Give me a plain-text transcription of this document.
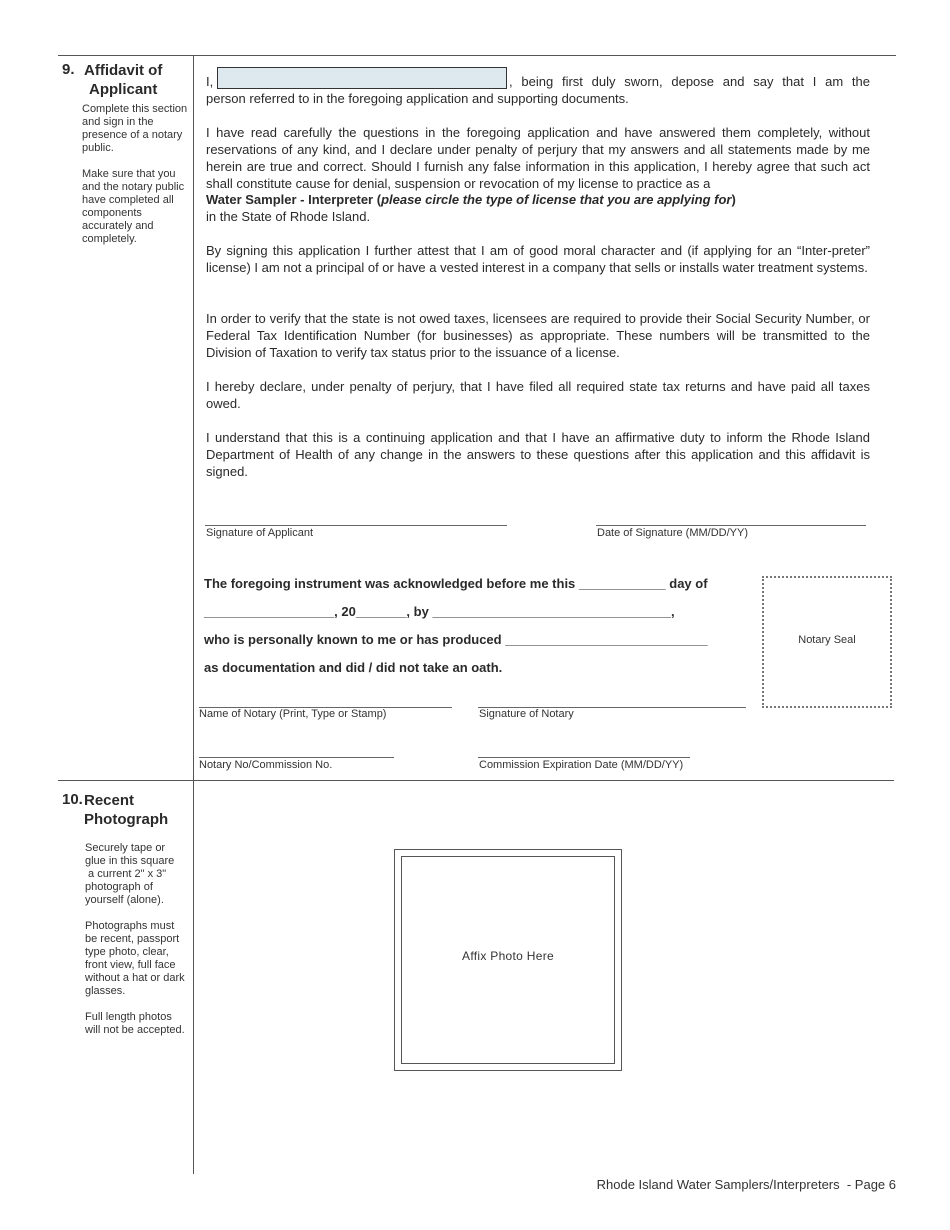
9. Affidavit of
Applicant
Complete this section
and sign in the
presence of a notary
public.
Make sure that you
and the notary public
have completed all
components
accurately and
completely.
I,	, being first duly sworn, depose and say that I am the
person referred to in the foregoing application and supporting documents.
I have read carefully the questions in the foregoing application and have answered them completely, without reservations of any kind, and I declare under penalty of perjury that my answers and all statements made by me herein are true and correct. Should I furnish any false information in this application, I hereby agree that such act shall constitute cause for denial, suspension or revocation of my license to practice as a
Water Sampler - Interpreter (please circle the type of license that you are applying for)
in the State of Rhode Island.
By signing this application I further attest that I am of good moral character and (if applying for an “Inter-preter” license) I am not a principal of or have a vested interest in a company that sells or installs water treatment systems.
In order to verify that the state is not owed taxes, licensees are required to provide their Social Security Number, or Federal Tax Identification Number (for businesses) as appropriate. These numbers will be transmitted to the Division of Taxation to verify tax status prior to the issuance of a license.
I hereby declare, under penalty of perjury, that I have filed all required state tax returns and have paid all taxes owed.
I understand that this is a continuing application and that I have an affirmative duty to inform the Rhode Island Department of Health of any change in the answers to these questions after this application and this affidavit is signed.
Signature of Applicant	Date of Signature (MM/DD/YY)
The foregoing instrument was acknowledged before me this ____________ day of
__________________, 20_______, by _________________________________,
who is personally known to me or has produced ____________________________
as documentation and did / did not take an oath.
Notary Seal
Name of Notary (Print, Type or Stamp)	Signature of Notary
Notary No/Commission No.	Commission Expiration Date (MM/DD/YY)
10. Recent
Photograph
Securely tape or
glue in this square
a current 2" x 3"
photograph of
yourself (alone).
Photographs must
be recent, passport
type photo, clear,
front view, full face
without a hat or dark
glasses.
Full length photos
will not be accepted.
Affix Photo Here
Rhode Island Water Samplers/Interpreters  - Page 6
